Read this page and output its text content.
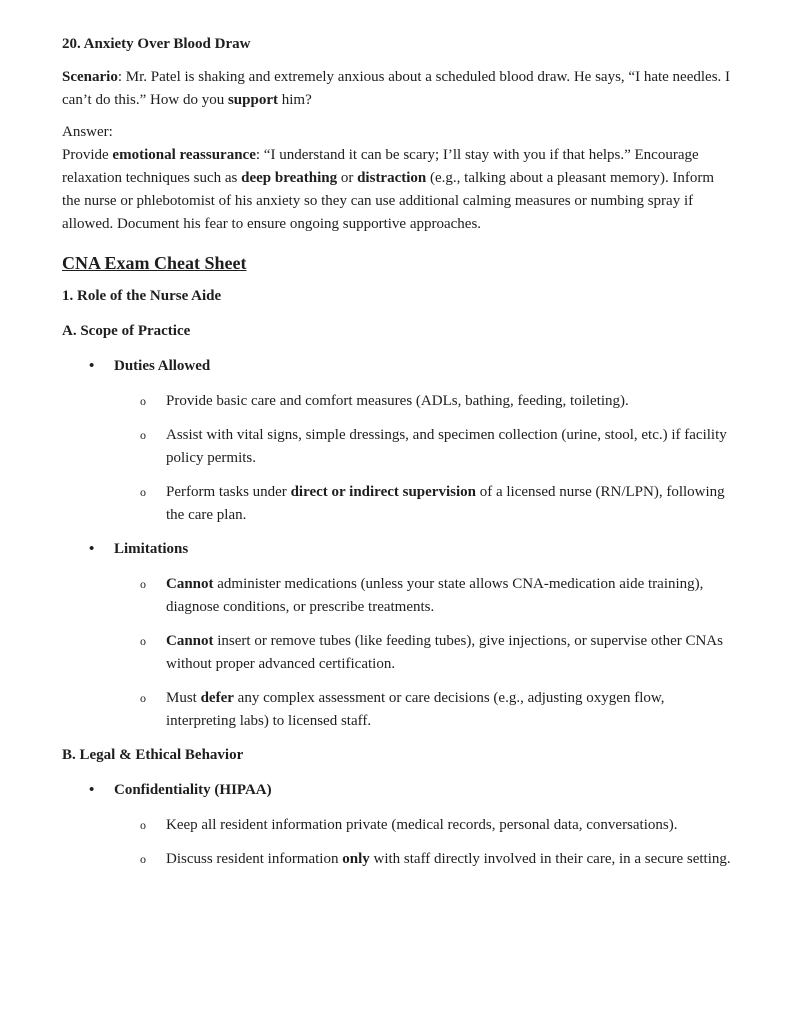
20. Anxiety Over Blood Draw

Scenario: Mr. Patel is shaking and extremely anxious about a scheduled blood draw. He says, “I hate needles. I can’t do this.” How do you support him?

Answer:
Provide emotional reassurance: “I understand it can be scary; I’ll stay with you if that helps.” Encourage relaxation techniques such as deep breathing or distraction (e.g., talking about a pleasant memory). Inform the nurse or phlebotomist of his anxiety so they can use additional calming measures or numbing spray if allowed. Document his fear to ensure ongoing supportive approaches.

CNA Exam Cheat Sheet
1. Role of the Nurse Aide
A. Scope of Practice
• Duties Allowed
o Provide basic care and comfort measures (ADLs, bathing, feeding, toileting).
o Assist with vital signs, simple dressings, and specimen collection (urine, stool, etc.) if facility policy permits.
o Perform tasks under direct or indirect supervision of a licensed nurse (RN/LPN), following the care plan.
• Limitations
o Cannot administer medications (unless your state allows CNA-medication aide training), diagnose conditions, or prescribe treatments.
o Cannot insert or remove tubes (like feeding tubes), give injections, or supervise other CNAs without proper advanced certification.
o Must defer any complex assessment or care decisions (e.g., adjusting oxygen flow, interpreting labs) to licensed staff.
B. Legal & Ethical Behavior
• Confidentiality (HIPAA)
o Keep all resident information private (medical records, personal data, conversations).
o Discuss resident information only with staff directly involved in their care, in a secure setting.
